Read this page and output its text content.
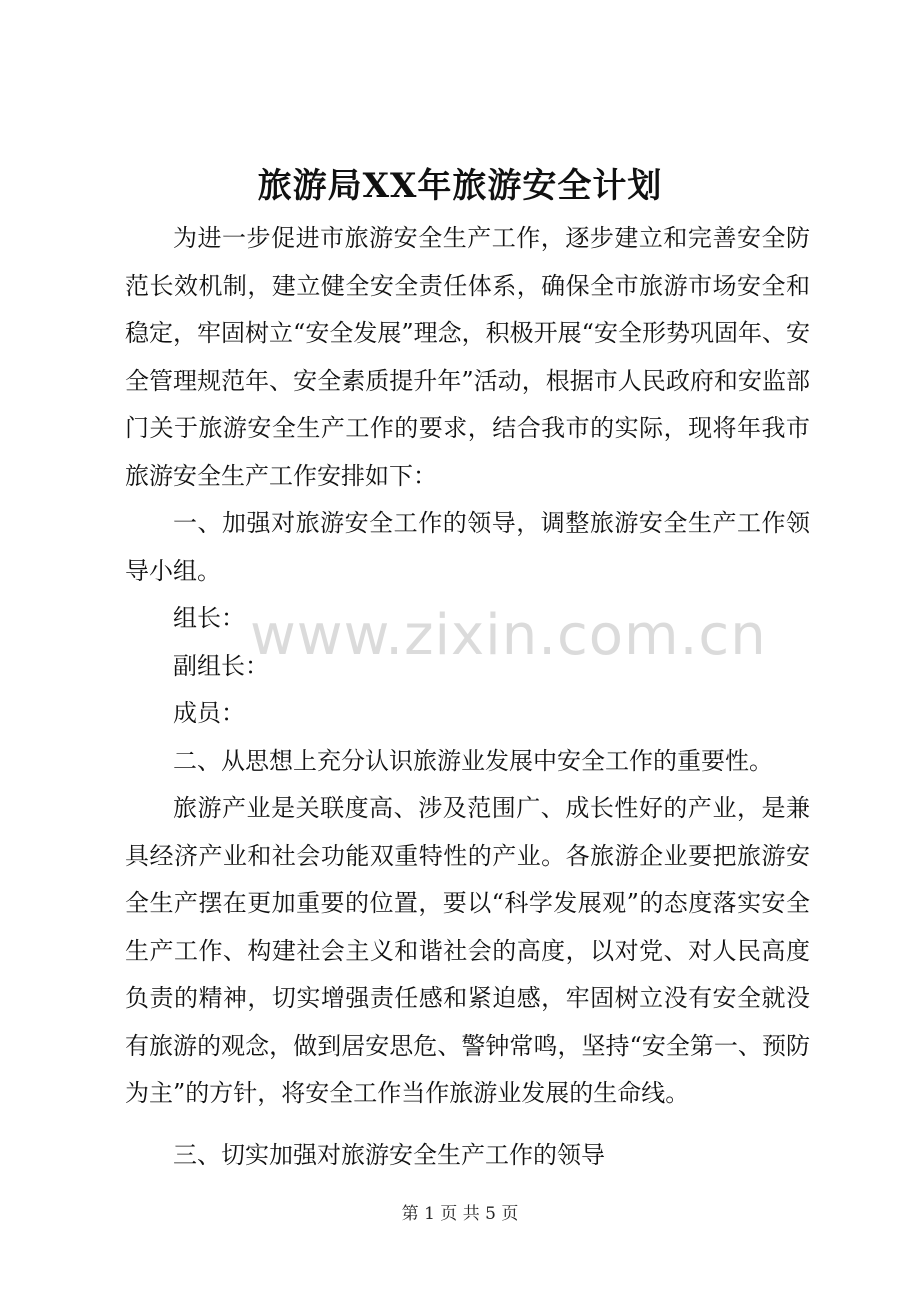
旅游局XX年旅游安全计划

为进一步促进市旅游安全生产工作，逐步建立和完善安全防范长效机制，建立健全安全责任体系，确保全市旅游市场安全和稳定，牢固树立“安全发展”理念，积极开展“安全形势巩固年、安全管理规范年、安全素质提升年”活动，根据市人民政府和安监部门关于旅游安全生产工作的要求，结合我市的实际，现将年我市旅游安全生产工作安排如下：

一、加强对旅游安全工作的领导，调整旅游安全生产工作领导小组。

组长：

副组长：

成员：

二、从思想上充分认识旅游业发展中安全工作的重要性。

旅游产业是关联度高、涉及范围广、成长性好的产业，是兼具经济产业和社会功能双重特性的产业。各旅游企业要把旅游安全生产摆在更加重要的位置，要以“科学发展观”的态度落实安全生产工作、构建社会主义和谐社会的高度，以对党、对人民高度负责的精神，切实增强责任感和紧迫感，牢固树立没有安全就没有旅游的观念，做到居安思危、警钟常鸣，坚持“安全第一、预防为主”的方针，将安全工作当作旅游业发展的生命线。

三、切实加强对旅游安全生产工作的领导

www.zixin.com.cn
第 1 页 共 5 页
